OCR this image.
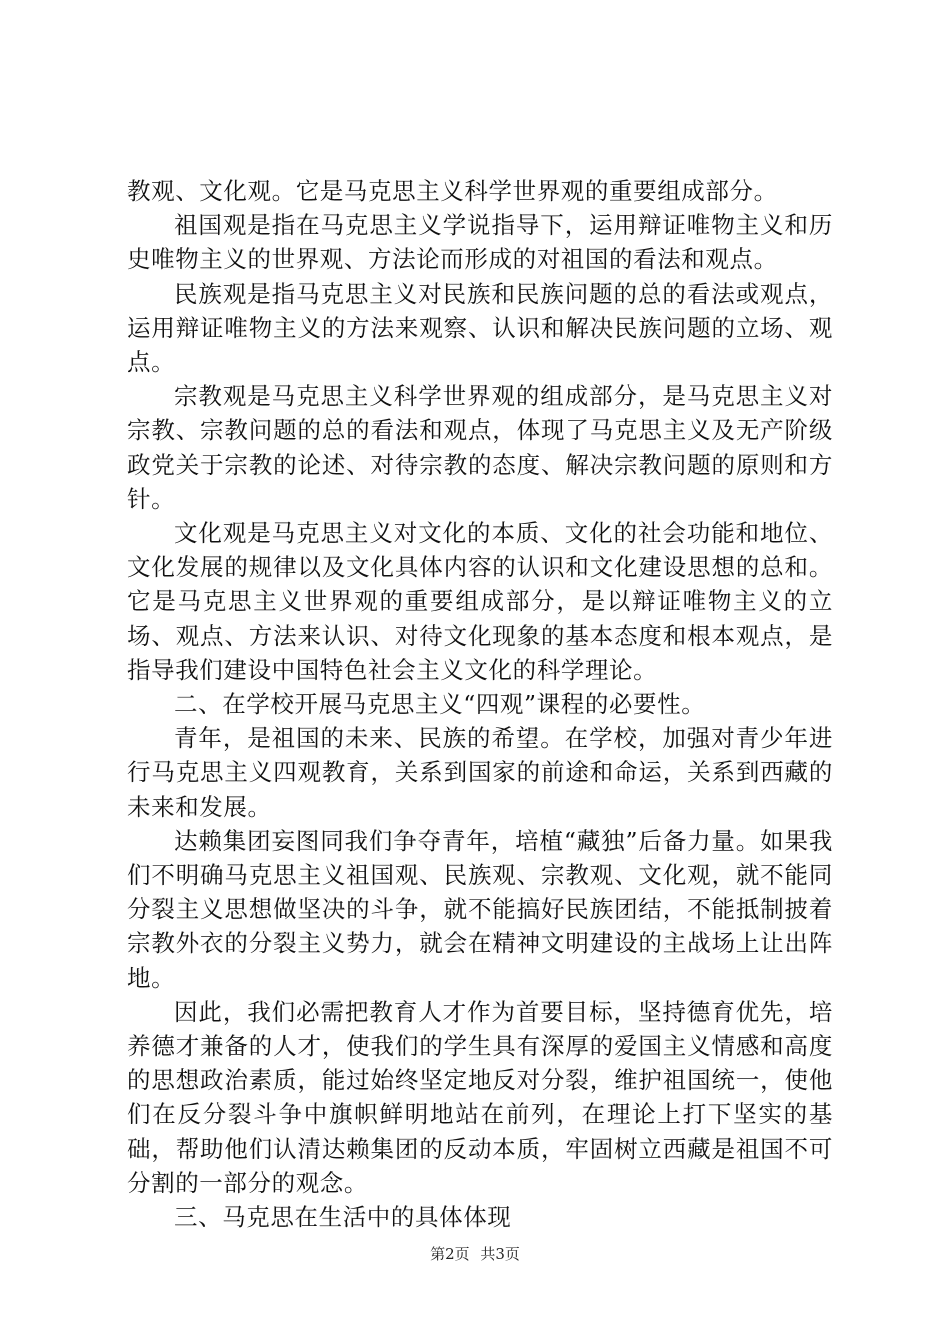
教观、文化观。它是马克思主义科学世界观的重要组成部分。

祖国观是指在马克思主义学说指导下，运用辩证唯物主义和历史唯物主义的世界观、方法论而形成的对祖国的看法和观点。

民族观是指马克思主义对民族和民族问题的总的看法或观点，运用辩证唯物主义的方法来观察、认识和解决民族问题的立场、观点。

宗教观是马克思主义科学世界观的组成部分，是马克思主义对宗教、宗教问题的总的看法和观点，体现了马克思主义及无产阶级政党关于宗教的论述、对待宗教的态度、解决宗教问题的原则和方针。

文化观是马克思主义对文化的本质、文化的社会功能和地位、文化发展的规律以及文化具体内容的认识和文化建设思想的总和。它是马克思主义世界观的重要组成部分，是以辩证唯物主义的立场、观点、方法来认识、对待文化现象的基本态度和根本观点，是指导我们建设中国特色社会主义文化的科学理论。

二、在学校开展马克思主义“四观”课程的必要性。

青年，是祖国的未来、民族的希望。在学校，加强对青少年进行马克思主义四观教育，关系到国家的前途和命运，关系到西藏的未来和发展。

达赖集团妄图同我们争夺青年，培植“藏独”后备力量。如果我们不明确马克思主义祖国观、民族观、宗教观、文化观，就不能同分裂主义思想做坚决的斗争，就不能搞好民族团结，不能抵制披着宗教外衣的分裂主义势力，就会在精神文明建设的主战场上让出阵地。

因此，我们必需把教育人才作为首要目标，坚持德育优先，培养德才兼备的人才，使我们的学生具有深厚的爱国主义情感和高度的思想政治素质，能过始终坚定地反对分裂，维护祖国统一，使他们在反分裂斗争中旗帜鲜明地站在前列，在理论上打下坚实的基础，帮助他们认清达赖集团的反动本质，牢固树立西藏是祖国不可分割的一部分的观念。

三、马克思在生活中的具体体现

第2页 共3页
